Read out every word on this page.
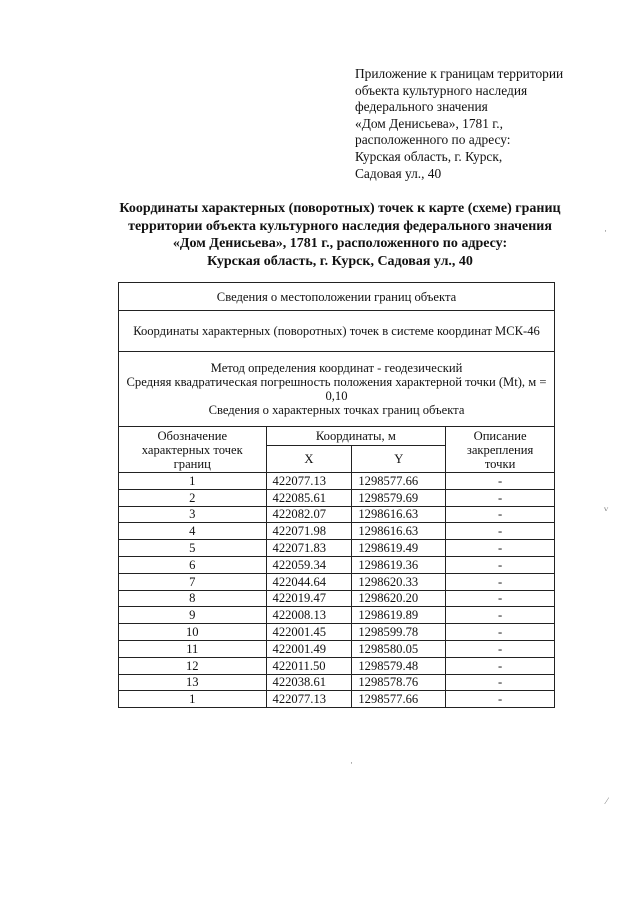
Приложение к границам территории
объекта культурного наследия
федерального значения
«Дом Денисьева», 1781 г.,
расположенного по адресу:
Курская область, г. Курск,
Садовая ул., 40
Координаты характерных (поворотных) точек к карте (схеме) границ
территории объекта культурного наследия федерального значения
«Дом Денисьева», 1781 г., расположенного по адресу:
Курская область, г. Курск, Садовая ул., 40
Сведения о местоположении границ объекта			
Координаты характерных (поворотных) точек в системе координат МСК-46			

Метод определения координат - геодезический
Средняя квадратическая погрешность положения характерной точки (Mt), м = 0,10
Сведения о характерных точках границ объекта			

Обозначение характерных точек границ	Координаты, м		Описание закрепления точки
	X	Y	
1	422077.13	1298577.66	-
2	422085.61	1298579.69	-
3	422082.07	1298616.63	-
4	422071.98	1298616.63	-
5	422071.83	1298619.49	-
6	422059.34	1298619.36	-
7	422044.64	1298620.33	-
8	422019.47	1298620.20	-
9	422008.13	1298619.89	-
10	422001.45	1298599.78	-
11	422001.49	1298580.05	-
12	422011.50	1298579.48	-
13	422038.61	1298578.76	-
1	422077.13	1298577.66	-
·
ⱽ
·
⁄
